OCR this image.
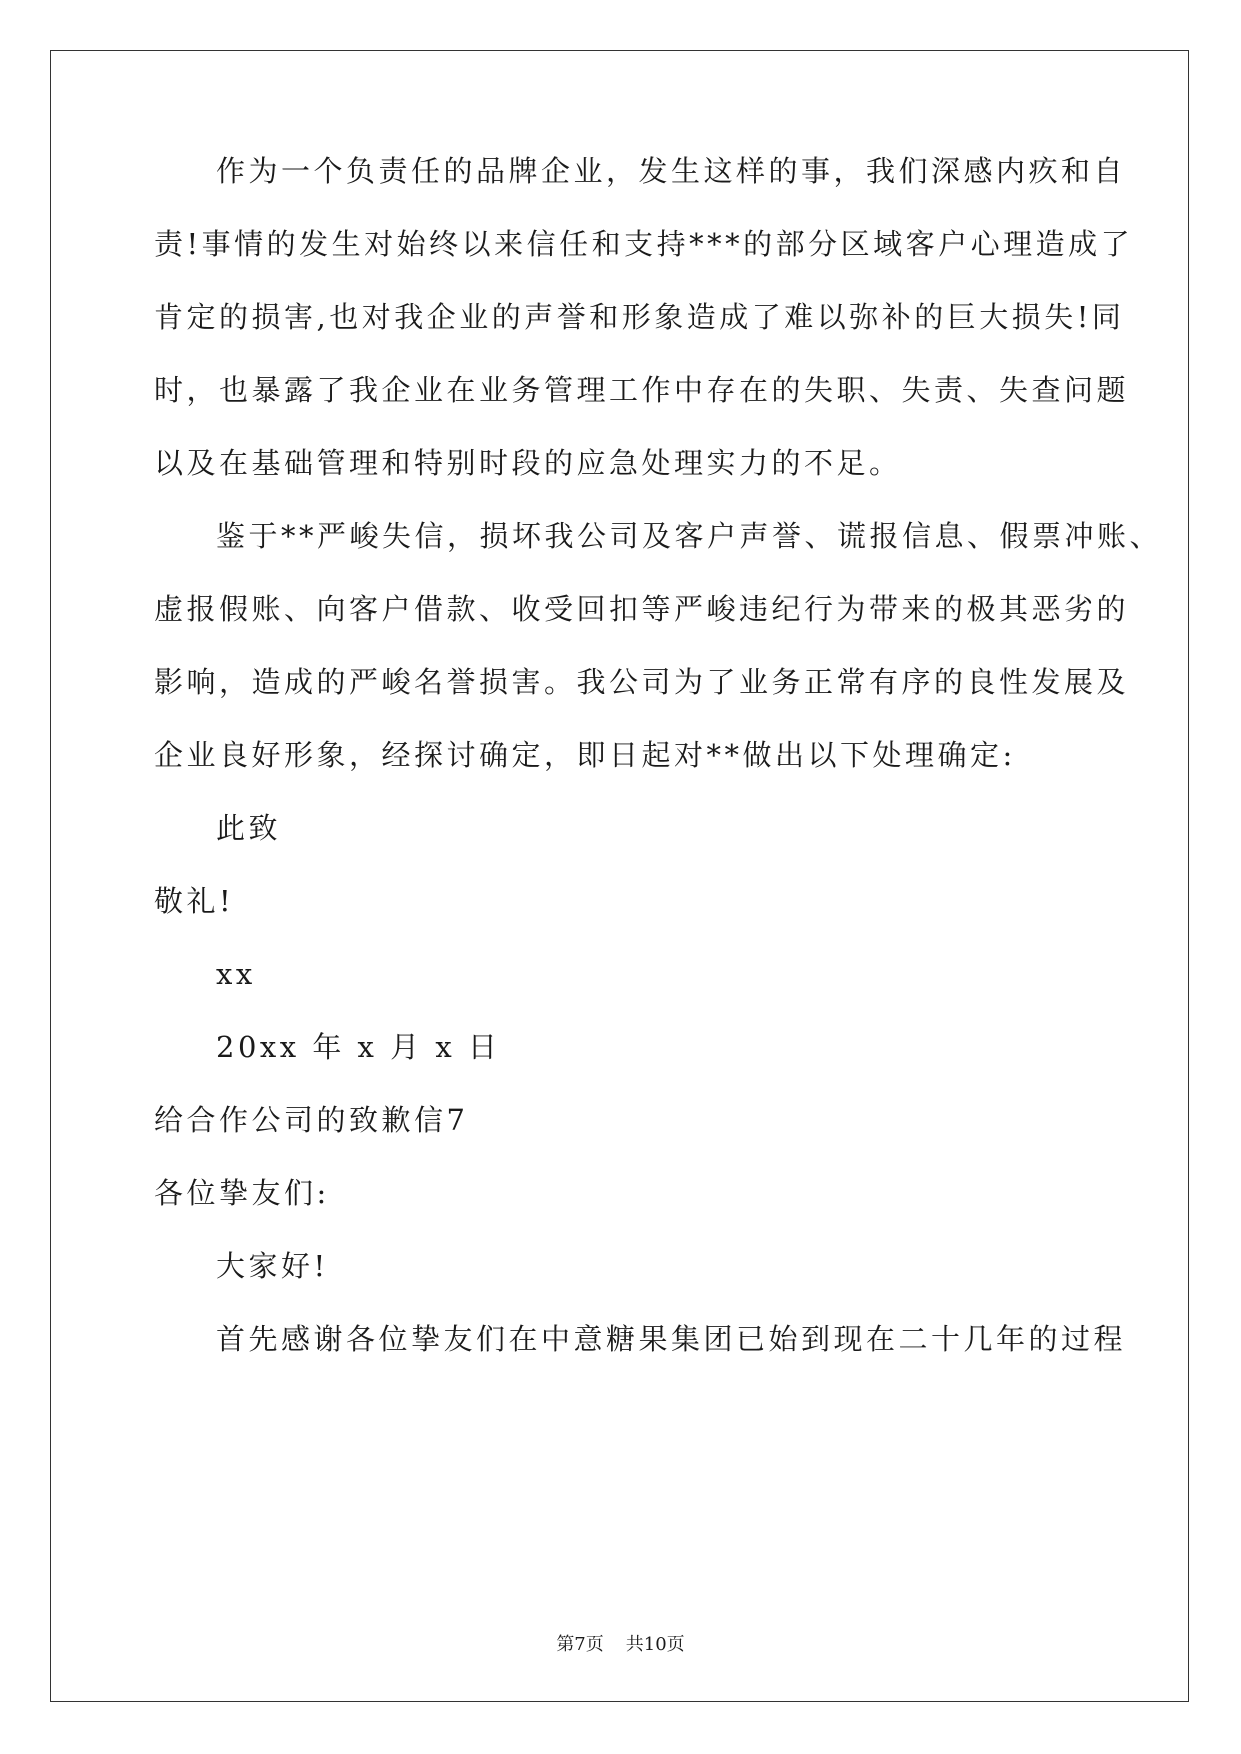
作为一个负责任的品牌企业，发生这样的事，我们深感内疚和自
责!事情的发生对始终以来信任和支持***的部分区域客户心理造成了
肯定的损害,也对我企业的声誉和形象造成了难以弥补的巨大损失!同
时，也暴露了我企业在业务管理工作中存在的失职、失责、失查问题
以及在基础管理和特别时段的应急处理实力的不足。
鉴于**严峻失信，损坏我公司及客户声誉、谎报信息、假票冲账、
虚报假账、向客户借款、收受回扣等严峻违纪行为带来的极其恶劣的
影响，造成的严峻名誉损害。我公司为了业务正常有序的良性发展及
企业良好形象，经探讨确定，即日起对**做出以下处理确定:
此致
敬礼!
xx
20xx 年 x 月 x 日
给合作公司的致歉信7
各位挚友们:
大家好!
首先感谢各位挚友们在中意糖果集团已始到现在二十几年的过程
第7页 共10页
